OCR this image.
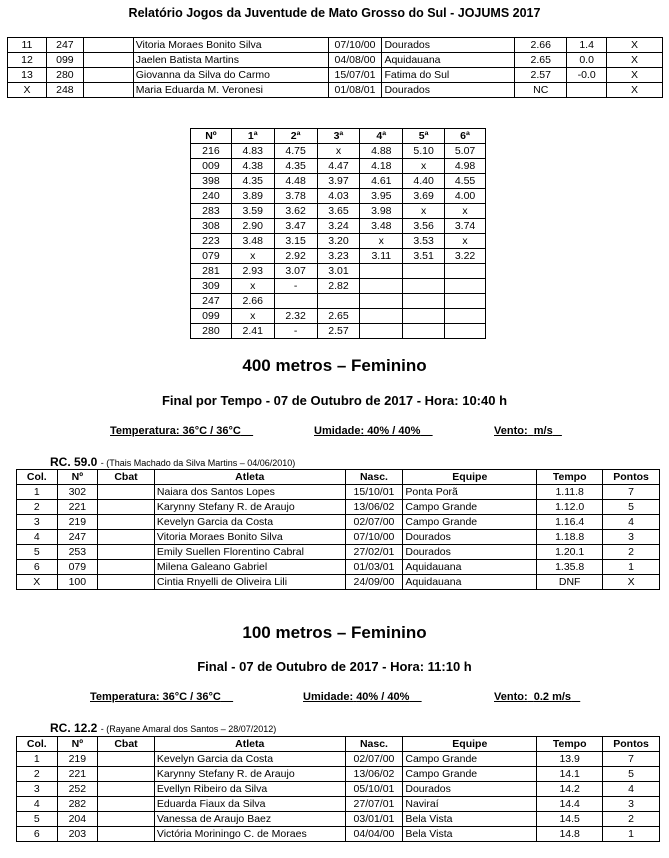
Relatório Jogos da Juventude de Mato Grosso do Sul - JOJUMS 2017
11	247		Vitoria Moraes Bonito Silva	07/10/00	Dourados	2.66	1.4	X
12	099		Jaelen Batista Martins	04/08/00	Aquidauana	2.65	0.0	X
13	280		Giovanna da Silva do Carmo	15/07/01	Fatima do Sul	2.57	-0.0	X
X	248		Maria Eduarda M. Veronesi	01/08/01	Dourados	NC		X
Nº	1ª	2ª	3ª	4ª	5ª	6ª
216	4.83	4.75	x	4.88	5.10	5.07
009	4.38	4.35	4.47	4.18	x	4.98
398	4.35	4.48	3.97	4.61	4.40	4.55
240	3.89	3.78	4.03	3.95	3.69	4.00
283	3.59	3.62	3.65	3.98	x	x
308	2.90	3.47	3.24	3.48	3.56	3.74
223	3.48	3.15	3.20	x	3.53	x
079	x	2.92	3.23	3.11	3.51	3.22
281	2.93	3.07	3.01			
309	x	-	2.82			
247	2.66					
099	x	2.32	2.65			
280	2.41	-	2.57			
400 metros – Feminino
Final por Tempo - 07 de Outubro de 2017 - Hora: 10:40 h
Temperatura: 36°C / 36°C	Umidade: 40% / 40%	Vento: m/s
RC. 59.0 - (Thais Machado da Silva Martins – 04/06/2010)
Col.	Nº	Cbat	Atleta	Nasc.	Equipe	Tempo	Pontos
1	302		Naiara dos Santos Lopes	15/10/01	Ponta Porã	1.11.8	7
2	221		Karynny Stefany R. de Araujo	13/06/02	Campo Grande	1.12.0	5
3	219		Kevelyn Garcia da Costa	02/07/00	Campo Grande	1.16.4	4
4	247		Vitoria Moraes Bonito Silva	07/10/00	Dourados	1.18.8	3
5	253		Emily Suellen Florentino Cabral	27/02/01	Dourados	1.20.1	2
6	079		Milena Galeano Gabriel	01/03/01	Aquidauana	1.35.8	1
X	100		Cintia Rnyelli de Oliveira Lili	24/09/00	Aquidauana	DNF	X
100 metros – Feminino
Final - 07 de Outubro de 2017 - Hora: 11:10 h
Temperatura: 36°C / 36°C	Umidade: 40% / 40%	Vento: 0.2 m/s
RC. 12.2 - (Rayane Amaral dos Santos – 28/07/2012)
Col.	Nº	Cbat	Atleta	Nasc.	Equipe	Tempo	Pontos
1	219		Kevelyn Garcia da Costa	02/07/00	Campo Grande	13.9	7
2	221		Karynny Stefany R. de Araujo	13/06/02	Campo Grande	14.1	5
3	252		Evellyn Ribeiro da Silva	05/10/01	Dourados	14.2	4
4	282		Eduarda Fiaux da Silva	27/07/01	Naviraí	14.4	3
5	204		Vanessa de Araujo Baez	03/01/01	Bela Vista	14.5	2
6	203		Victória Moriningo C. de Moraes	04/04/00	Bela Vista	14.8	1
